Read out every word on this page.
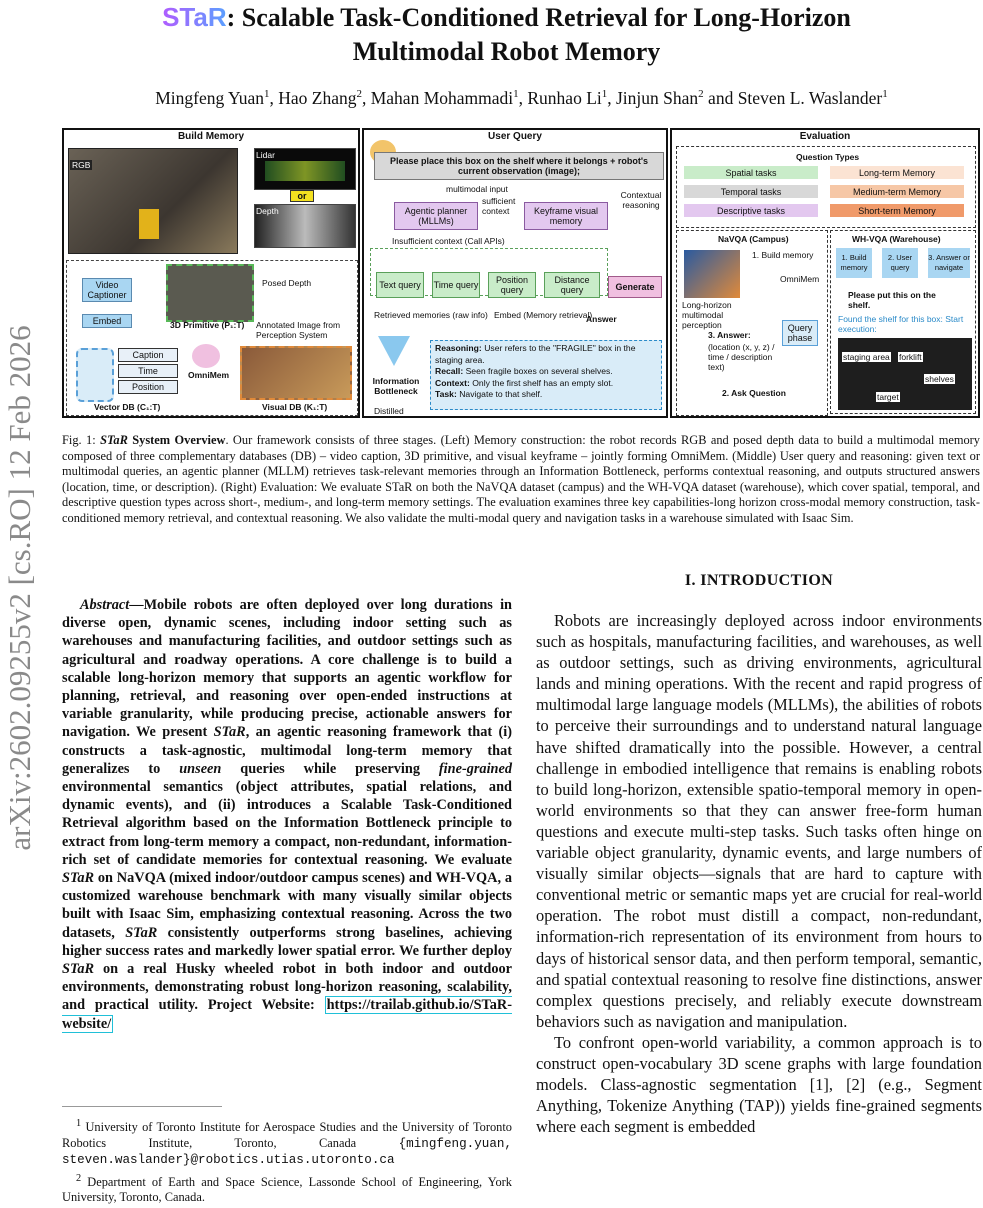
STaR: Scalable Task-Conditioned Retrieval for Long-Horizon
Multimodal Robot Memory
Mingfeng Yuan$^1$, Hao Zhang$^2$, Mahan Mohammadi$^1$, Runhao Li$^1$, Jinjun Shan$^2$ and Steven L. Waslander$^1$
arXiv:2602.09255v2 [cs.RO] 12 Feb 2026
Build Memory
RGB
Lidar
or
Depth
Video Captioner
Embed
Posed Depth
3D Primitive (P₁:T) Annotated Image from Perception System
OmniMem
Caption
Time
Position
Vector DB (C₁:T)	Visual DB (K₁:T)
User Query
Please place this box on the shelf where it belongs + robot's current observation (image);
multimodal input
Agentic planner (MLLMs)
sufficient context	Keyframe visual memory
Contextual reasoning
Insufficient context (Call APIs)
Text query	Time query	Position query
Distance query	Generate
Retrieved memories (raw info) Embed (Memory retrieval)
Answer
Information Bottleneck
Distilled
Reasoning: User refers to the "FRAGILE" box in the staging area.
Recall: Seen fragile boxes on several shelves.
Context: Only the first shelf has an empty slot.
Task: Navigate to that shelf.
Evaluation
Question Types
Spatial tasks
Temporal tasks
Descriptive tasks
Long-term Memory
Medium-term Memory
Short-term Memory
NaVQA (Campus)
1. Build memory
OmniMem
Long-horizon multimodal perception	Query phase
3. Answer:
(location (x, y, z) / time / description text)
2. Ask Question
WH-VQA (Warehouse)
1. Build memory
2. User query
3. Answer or navigate
Please put this on the shelf.
Found the shelf for this box: Start execution:
staging area forklift
shelves
target
Fig. 1: STaR System Overview. Our framework consists of three stages. (Left) Memory construction: the robot records RGB and posed depth data to build a multimodal memory composed of three complementary databases (DB) – video caption, 3D primitive, and visual keyframe – jointly forming OmniMem. (Middle) User query and reasoning: given text or multimodal queries, an agentic planner (MLLM) retrieves task-relevant memories through an Information Bottleneck, performs contextual reasoning, and outputs structured answers (location, time, or description). (Right) Evaluation: We evaluate STaR on both the NaVQA dataset (campus) and the WH-VQA dataset (warehouse), which cover spatial, temporal, and descriptive question types across short-, medium-, and long-term memory settings. The evaluation examines three key capabilities-long horizon cross-modal memory construction, task-conditioned memory retrieval, and contextual reasoning. We also validate the multi-modal query and navigation tasks in a warehouse simulated with Isaac Sim.

Abstract—Mobile robots are often deployed over long durations in diverse open, dynamic scenes, including indoor setting such as warehouses and manufacturing facilities, and outdoor settings such as agricultural and roadway operations. A core challenge is to build a scalable long-horizon memory that supports an agentic workflow for planning, retrieval, and reasoning over open-ended instructions at variable granularity, while producing precise, actionable answers for navigation. We present STaR, an agentic reasoning framework that (i) constructs a task-agnostic, multimodal long-term memory that generalizes to unseen queries while preserving fine-grained environmental semantics (object attributes, spatial relations, and dynamic events), and (ii) introduces a Scalable Task-Conditioned Retrieval algorithm based on the Information Bottleneck principle to extract from long-term memory a compact, non-redundant, information-rich set of candidate memories for contextual reasoning. We evaluate STaR on NaVQA (mixed indoor/outdoor campus scenes) and WH-VQA, a customized warehouse benchmark with many visually similar objects built with Isaac Sim, emphasizing contextual reasoning. Across the two datasets, STaR consistently outperforms strong baselines, achieving higher success rates and markedly lower spatial error. We further deploy STaR on a real Husky wheeled robot in both indoor and outdoor environments, demonstrating robust long-horizon reasoning, scalability, and practical utility. Project Website: https://trailab.github.io/STaR-website/

$^1$ University of Toronto Institute for Aerospace Studies and the University of Toronto Robotics Institute, Toronto, Canada {mingfeng.yuan, steven.waslander}@robotics.utias.utoronto.ca

$^2$ Department of Earth and Space Science, Lassonde School of Engineering, York University, Toronto, Canada.

I. INTRODUCTION

Robots are increasingly deployed across indoor environments such as hospitals, manufacturing facilities, and warehouses, as well as outdoor settings, such as driving environments, agricultural lands and mining operations. With the recent and rapid progress of multimodal large language models (MLLMs), the abilities of robots to perceive their surroundings and to understand natural language have shifted dramatically into the possible. However, a central challenge in embodied intelligence that remains is enabling robots to build long-horizon, extensible spatio-temporal memory in open-world environments so that they can answer free-form human questions and execute multi-step tasks. Such tasks often hinge on variable object granularity, dynamic events, and large numbers of visually similar objects—signals that are hard to capture with conventional metric or semantic maps yet are crucial for real-world operation. The robot must distill a compact, non-redundant, information-rich representation of its environment from hours to days of historical sensor data, and then perform temporal, semantic, and spatial contextual reasoning to resolve fine distinctions, answer complex questions precisely, and reliably execute downstream behaviors such as navigation and manipulation.

To confront open-world variability, a common approach is to construct open-vocabulary 3D scene graphs with large foundation models. Class-agnostic segmentation [1], [2] (e.g., Segment Anything, Tokenize Anything (TAP)) yields fine-grained segments where each segment is embedded
